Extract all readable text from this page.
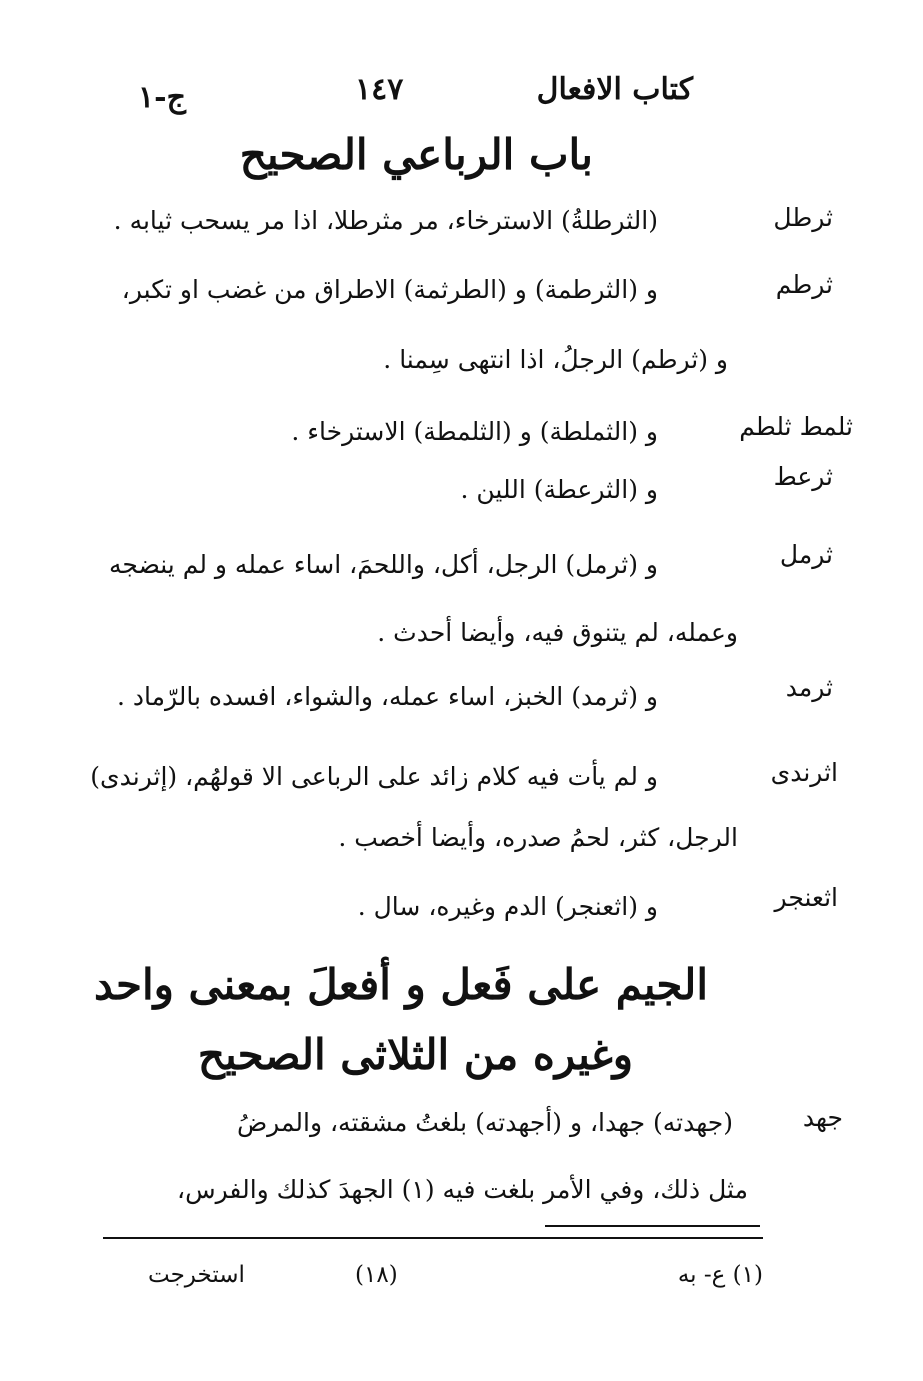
كتاب الافعال
١٤٧
ج-١
باب الرباعي الصحيح
ثرطل
(الثرطلةُ) الاسترخاء، مر مثرطلا، اذا مر يسحب ثيابه .
ثرطم
و (الثرطمة) و (الطرثمة) الاطراق من غضب او تكبر،
و (ثرطم) الرجلُ، اذا انتهى سِمنا .
ثلمط ثلطم
و (الثملطة) و (الثلمطة) الاسترخاء .
ثرعط
و (الثرعطة) اللين .
ثرمل
و (ثرمل) الرجل، أكل، واللحمَ، اساء عمله و لم ينضجه
وعمله، لم يتنوق فيه، وأيضا أحدث .
ثرمد
و (ثرمد) الخبز، اساء عمله، والشواء، افسده بالرّماد .
اثرندى
و لم يأت فيه كلام زائد على الرباعى الا قولهُم، (إثرندى)
الرجل، كثر، لحمُ صدره، وأيضا أخصب .
اثعنجر
و (اثعنجر) الدم وغيره، سال .
الجيم على فَعل و أفعلَ بمعنى واحد
وغيره من الثلاثى الصحيح
جهد
(جهدته) جهدا، و (أجهدته) بلغتُ مشقته، والمرضُ
مثل ذلك، وفي الأمر بلغت فيه (١) الجهدَ كذلك والفرس،
(١) ع- به
(١٨)
استخرجت
